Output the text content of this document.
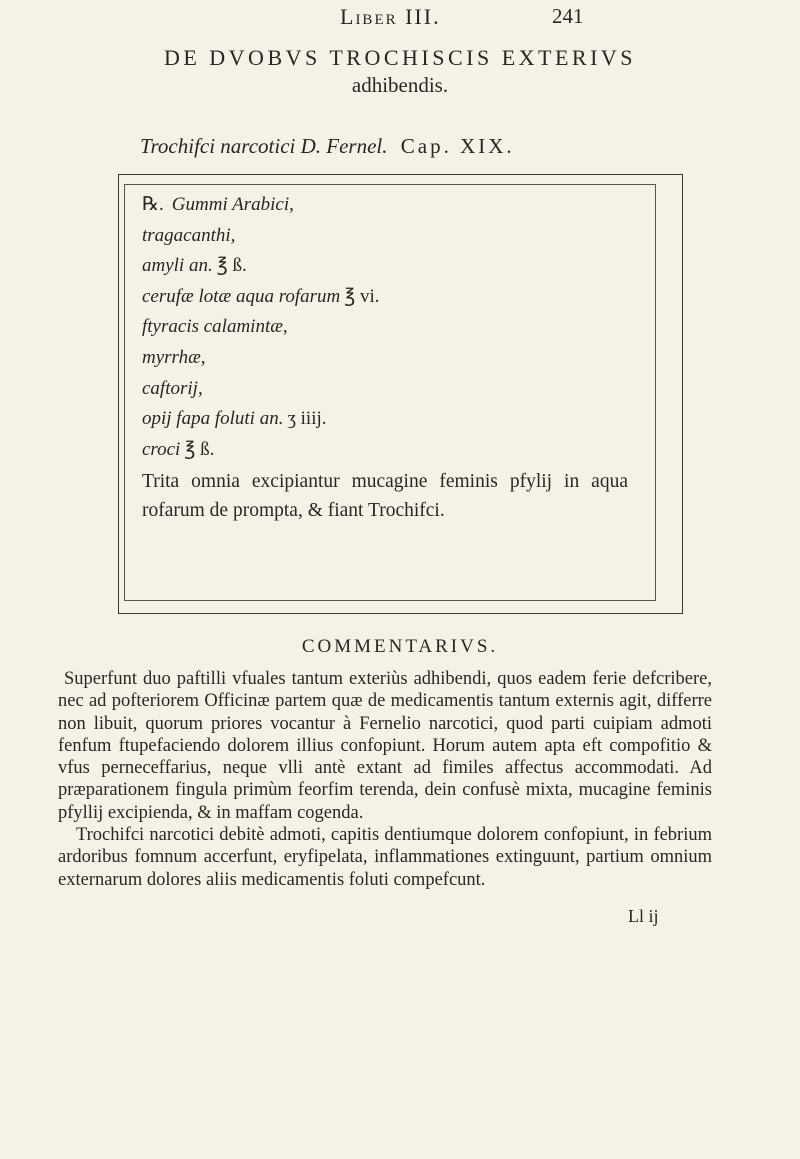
Liber III.	241
DE DVOBVS TROCHISCIS EXTERIVS
adhibendis.
Trochifci narcotici D. Fernel. Cap. XIX.
℞. Gummi Arabici,
tragacanthi,
amyli an. ℥ ß.
cerufæ lotæ aqua rofarum ℥ vi.
ftyracis calamintæ,
myrrhæ,
caftorij,
opij fapa foluti an. ʒ iiij.
croci ℥ ß.
Trita omnia excipiantur mucagine feminis pfylij in aqua rofarum de prompta, & fiant Trochifci.
COMMENTARIVS.

Superfunt duo paftilli vfuales tantum exteriùs adhibendi, quos eadem ferie defcribere, nec ad pofteriorem Officinæ partem quæ de medicamentis tantum externis agit, differre non libuit, quorum priores vocantur à Fernelio narcotici, quod parti cuipiam admoti fenfum ftupefaciendo dolorem illius confopiunt. Horum autem apta eft compofitio & vfus perneceffarius, neque vlli antè extant ad fimiles affectus accommodati. Ad præparationem fingula primùm feorfim terenda, dein confusè mixta, mucagine feminis pfyllij excipienda, & in maffam cogenda.

Trochifci narcotici debitè admoti, capitis dentiumque dolorem confopiunt, in febrium ardoribus fomnum accerfunt, eryfipelata, inflammationes extinguunt, partium omnium externarum dolores aliis medicamentis foluti compefcunt.

Ll ij
